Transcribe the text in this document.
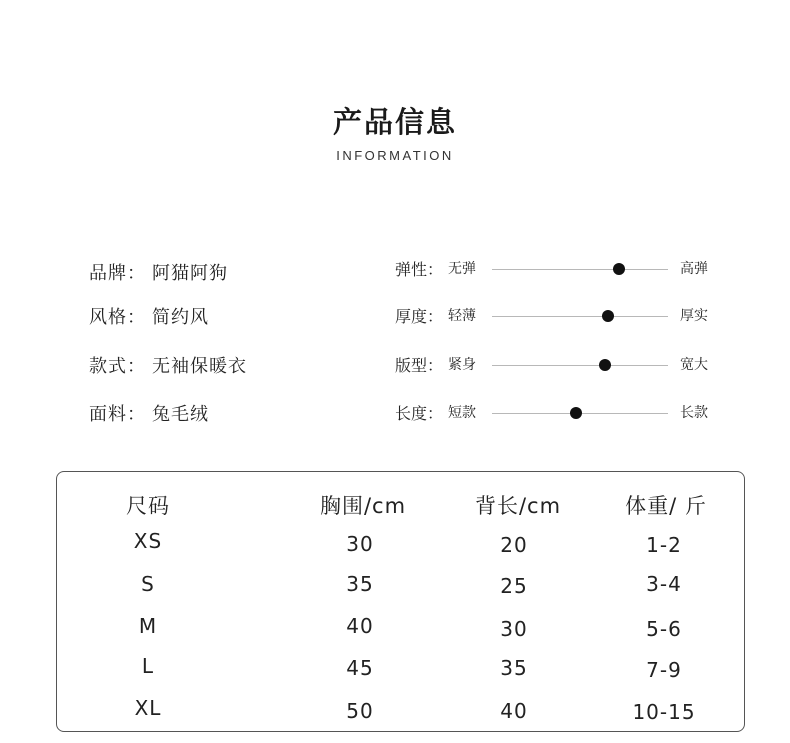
产品信息
INFORMATION
品牌： 阿猫阿狗
风格： 简约风
款式： 无袖保暖衣
面料： 兔毛绒
弹性： 无弹	高弹
厚度： 轻薄	厚实
版型： 紧身	宽大
长度： 短款	长款
尺码	胸围/cm	背长/cm	体重/ 斤
XS	30	20	1-2
S	35	25	3-4
M	40	30	5-6
L	45	35	7-9
XL	50	40	10-15
